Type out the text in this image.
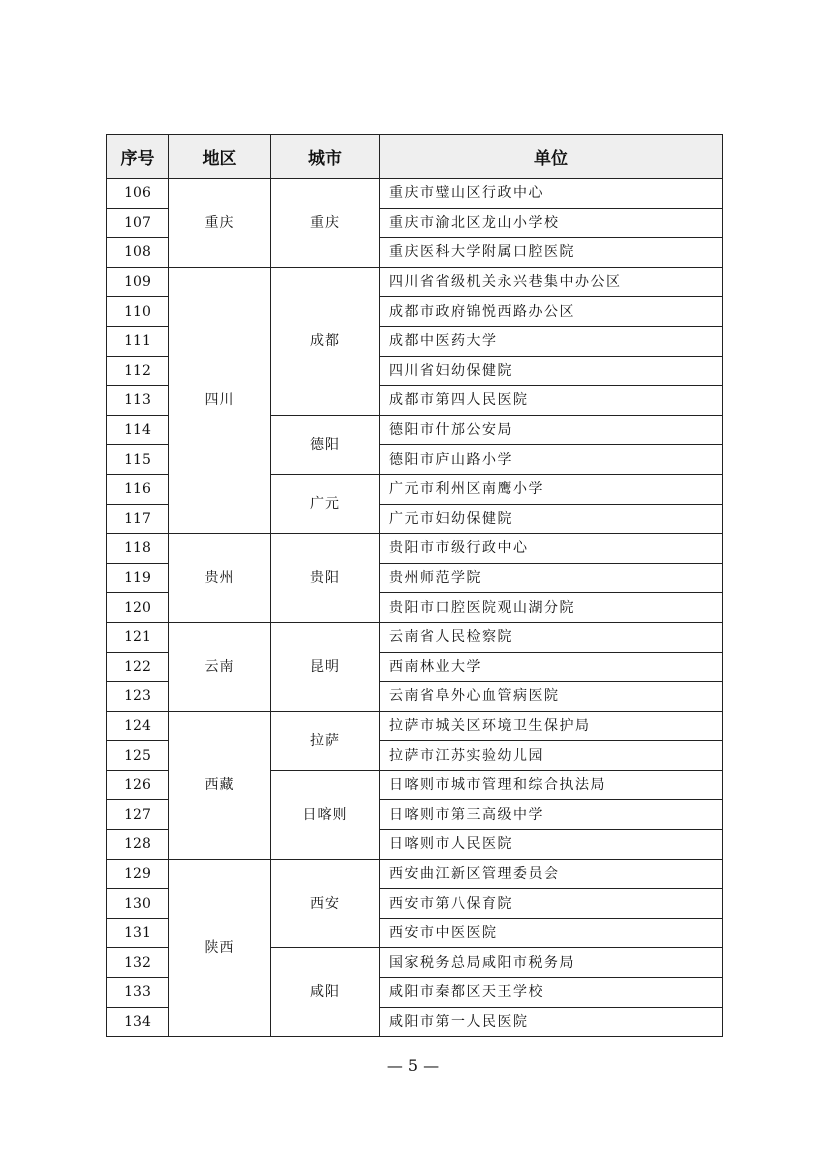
序号	地区	城市	单位
106	重庆	重庆	重庆市璧山区行政中心
107			重庆市渝北区龙山小学校
108			重庆医科大学附属口腔医院
109	四川	成都	四川省省级机关永兴巷集中办公区
110			成都市政府锦悦西路办公区
111			成都中医药大学
112			四川省妇幼保健院
113			成都市第四人民医院
114		德阳	德阳市什邡公安局
115			德阳市庐山路小学
116		广元	广元市利州区南鹰小学
117			广元市妇幼保健院
118	贵州	贵阳	贵阳市市级行政中心
119			贵州师范学院
120			贵阳市口腔医院观山湖分院
121	云南	昆明	云南省人民检察院
122			西南林业大学
123			云南省阜外心血管病医院
124	西藏	拉萨	拉萨市城关区环境卫生保护局
125			拉萨市江苏实验幼儿园
126		日喀则	日喀则市城市管理和综合执法局
127			日喀则市第三高级中学
128			日喀则市人民医院
129	陕西	西安	西安曲江新区管理委员会
130			西安市第八保育院
131			西安市中医医院
132		咸阳	国家税务总局咸阳市税务局
133			咸阳市秦都区天王学校
134			咸阳市第一人民医院
— 5 —
